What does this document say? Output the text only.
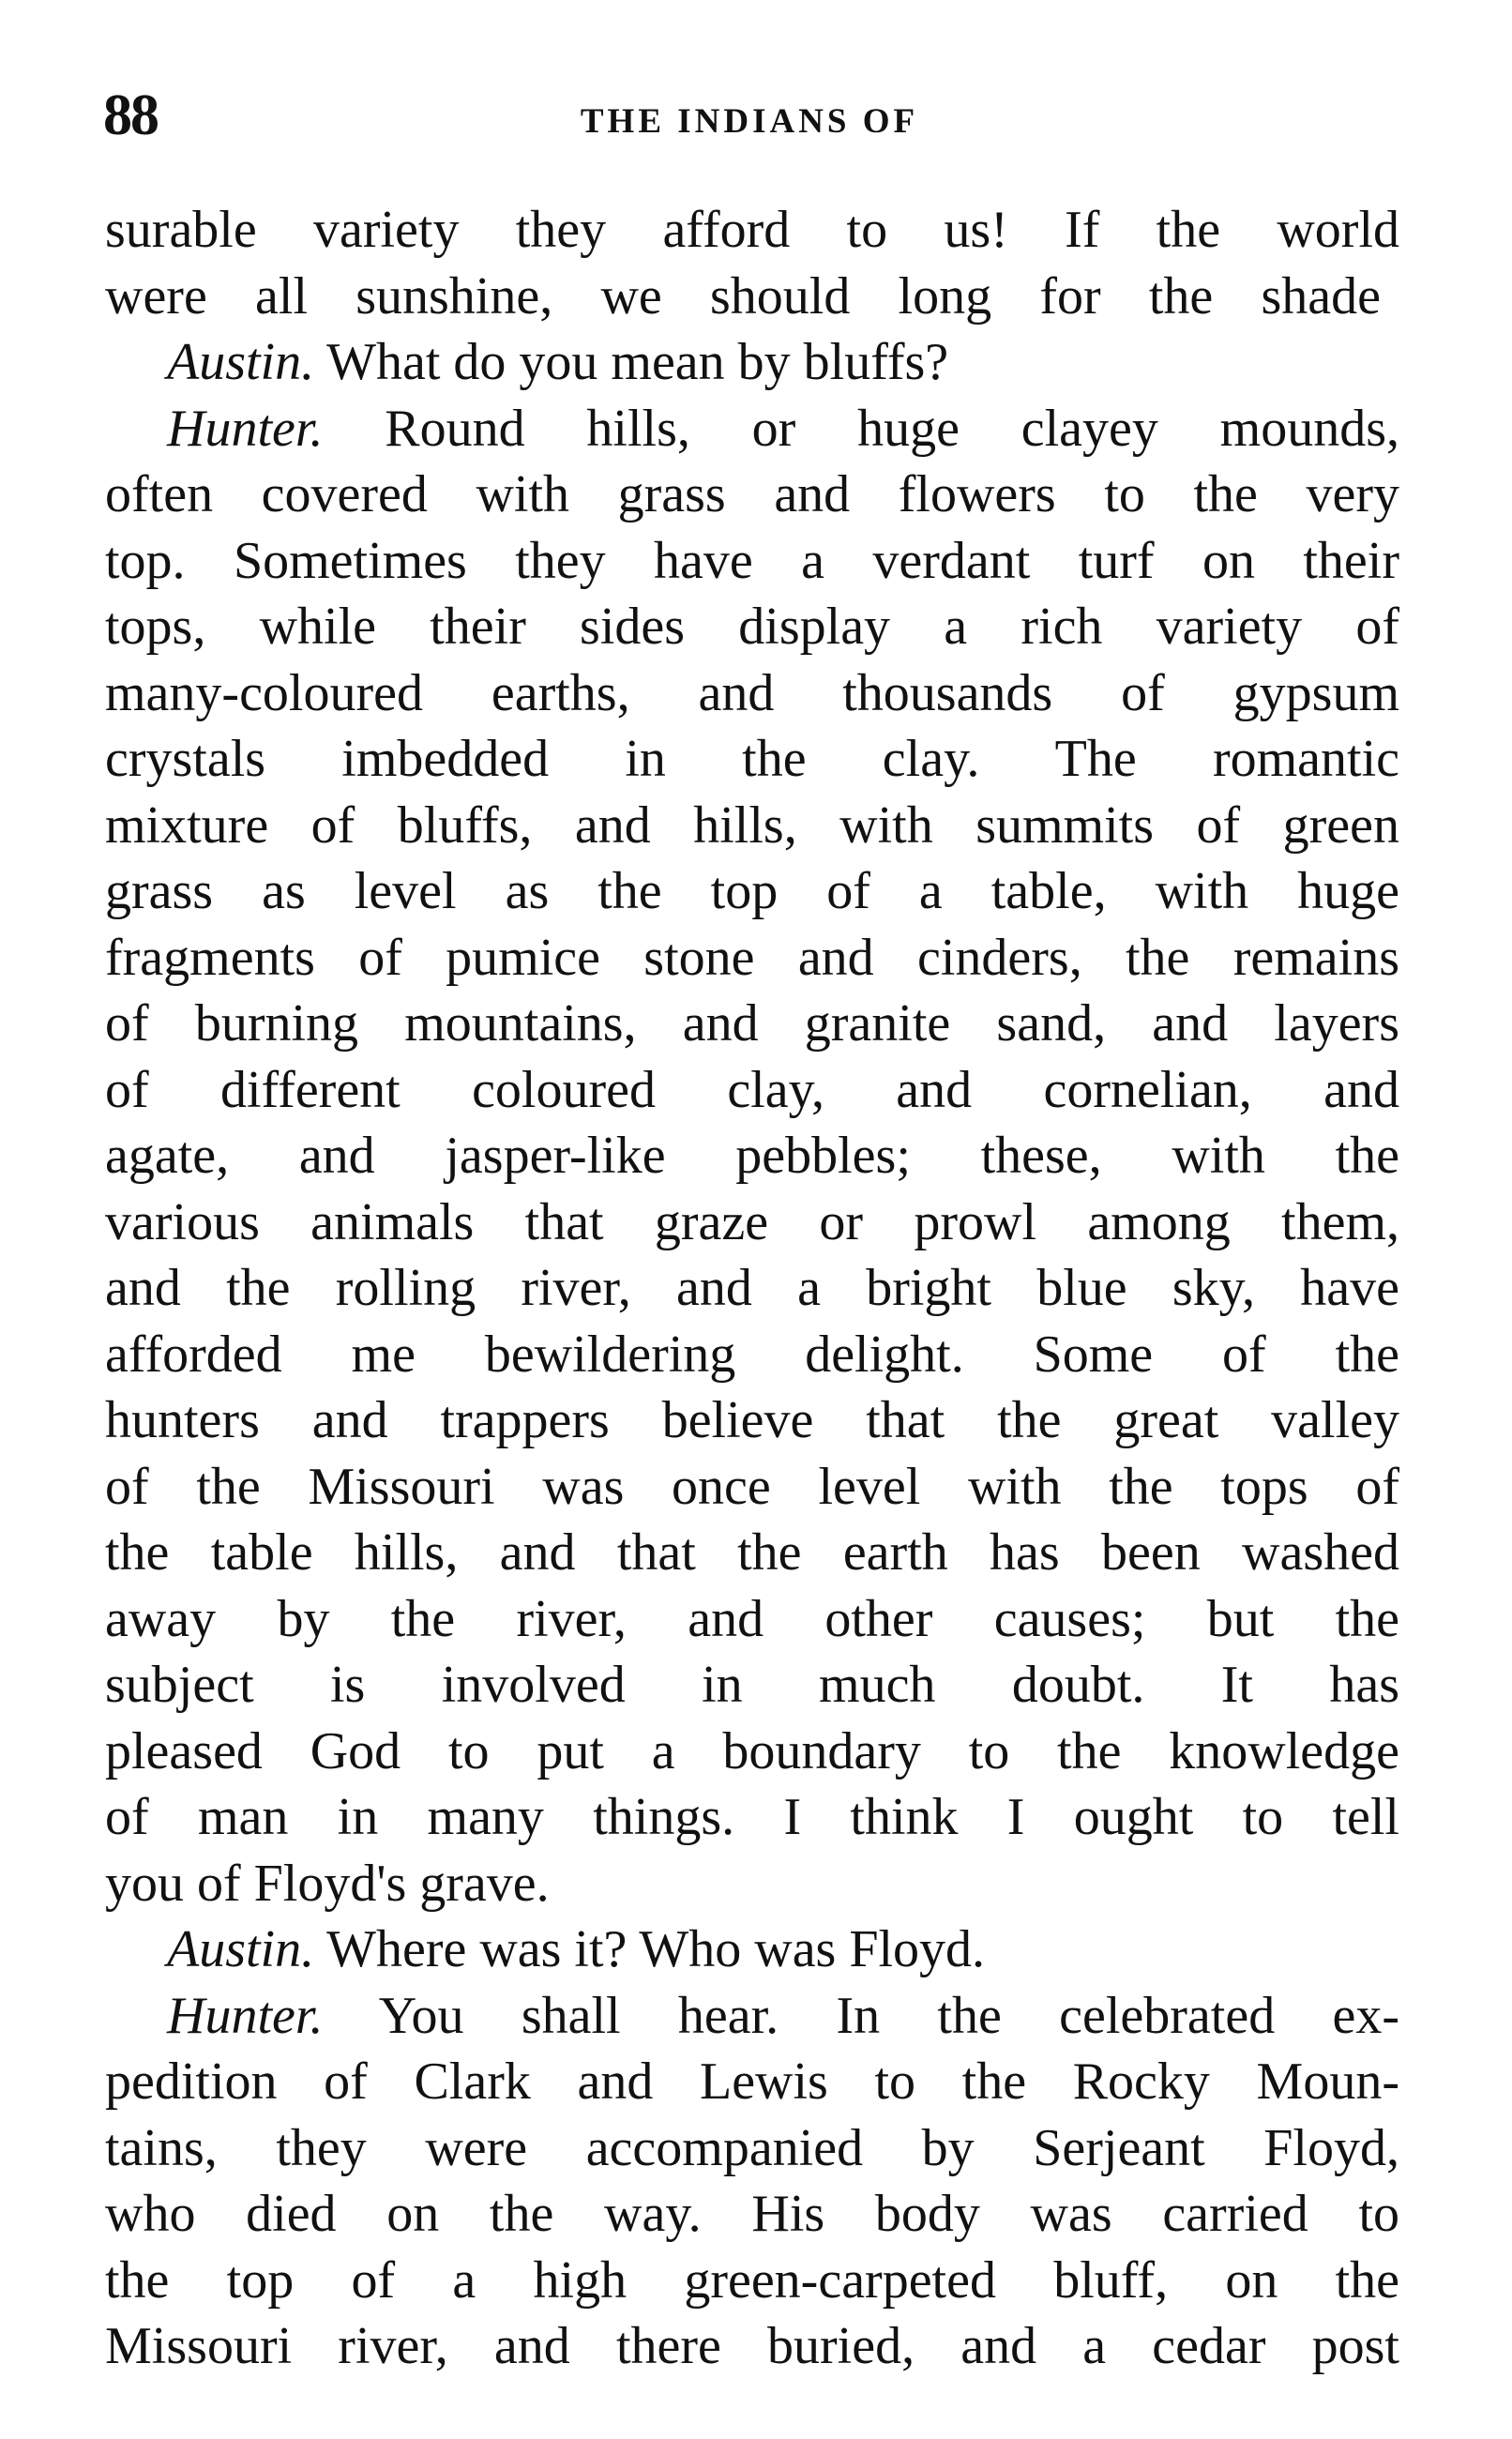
88	THE INDIANS OF
surable variety they afford to us! If the world
were all sunshine, we should long for the shade
Austin. What do you mean by bluffs?
Hunter. Round hills, or huge clayey mounds,
often covered with grass and flowers to the very
top. Sometimes they have a verdant turf on their
tops, while their sides display a rich variety of
many-coloured earths, and thousands of gypsum
crystals imbedded in the clay. The romantic
mixture of bluffs, and hills, with summits of green
grass as level as the top of a table, with huge
fragments of pumice stone and cinders, the remains
of burning mountains, and granite sand, and layers
of different coloured clay, and cornelian, and
agate, and jasper-like pebbles; these, with the
various animals that graze or prowl among them,
and the rolling river, and a bright blue sky, have
afforded me bewildering delight. Some of the
hunters and trappers believe that the great valley
of the Missouri was once level with the tops of
the table hills, and that the earth has been washed
away by the river, and other causes; but the
subject is involved in much doubt. It has
pleased God to put a boundary to the knowledge
of man in many things. I think I ought to tell
you of Floyd's grave.
Austin. Where was it? Who was Floyd.
Hunter. You shall hear. In the celebrated ex-
pedition of Clark and Lewis to the Rocky Moun-
tains, they were accompanied by Serjeant Floyd,
who died on the way. His body was carried to
the top of a high green-carpeted bluff, on the
Missouri river, and there buried, and a cedar post
